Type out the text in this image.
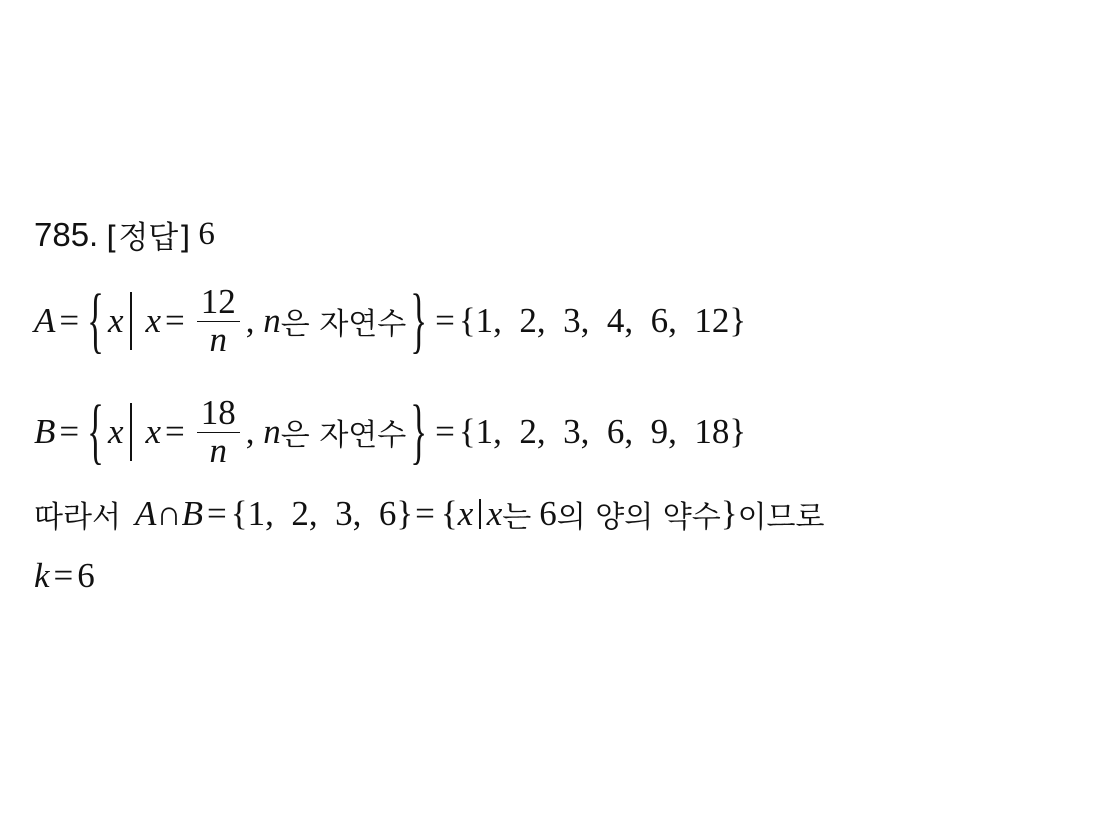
785. [정답] 6
A = { x $x = \frac{12}{n}$ , n 은 자연수 } = { 1 , 2 , 3 , 4 , 6 , 12 }
B = { x $x = \frac{18}{n}$ , n 은 자연수 } = { 1 , 2 , 3 , 6 , 9 , 18 }
따라서 A∩B = { 1 , 2 , 3 , 6 } = { x x 는 6 의 양의 약수 } 이므로
k = 6
